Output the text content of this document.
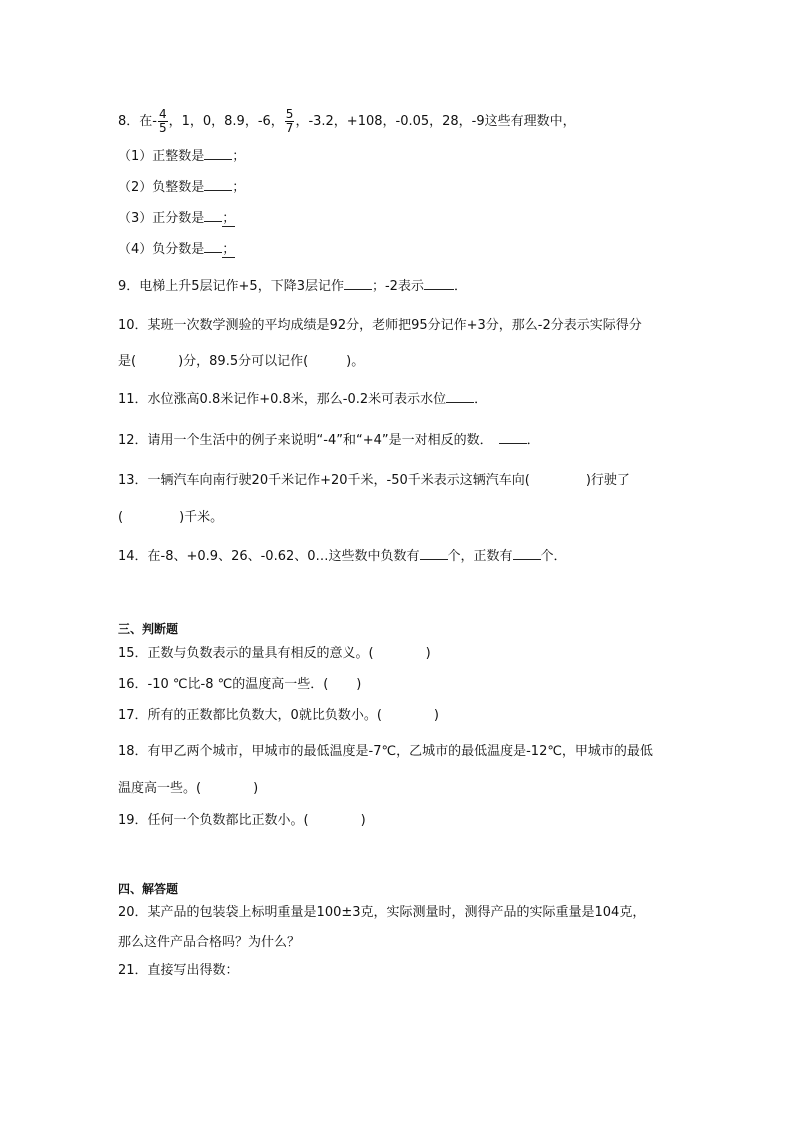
8．在- $\frac{4}{5}$ ，1，0，8.9，-6， $\frac{5}{7}$ ，-3.2，+108，-0.05，28，-9这些有理数中，
（1）正整数是 ；
（2）负整数是 ；
（3）正分数是 ；
（4）负分数是 ；
9．电梯上升5层记作+5，下降3层记作 ；-2表示 ．
10．某班一次数学测验的平均成绩是92分，老师把95分记作+3分，那么-2分表示实际得分
是(	)分，89.5分可以记作(	)。
11．水位涨高0.8米记作+0.8米，那么-0.2米可表示水位 ．
12．请用一个生活中的例子来说明“-4”和“+4”是一对相反的数．	．
13．一辆汽车向南行驶20千米记作+20千米，-50千米表示这辆汽车向(	)行驶了
(	)千米。
14．在-8、+0.9、26、-0.62、0…这些数中负数有 个，正数有 个．
三、判断题
15．正数与负数表示的量具有相反的意义。(	)
16．-10 ℃比-8 ℃的温度高一些．( )
17．所有的正数都比负数大，0就比负数小。(	)
18．有甲乙两个城市，甲城市的最低温度是-7℃，乙城市的最低温度是-12℃，甲城市的最低
温度高一些。(	)
19．任何一个负数都比正数小。(	)
四、解答题
20．某产品的包装袋上标明重量是100±3克，实际测量时，测得产品的实际重量是104克，
那么这件产品合格吗？为什么？
21．直接写出得数：
